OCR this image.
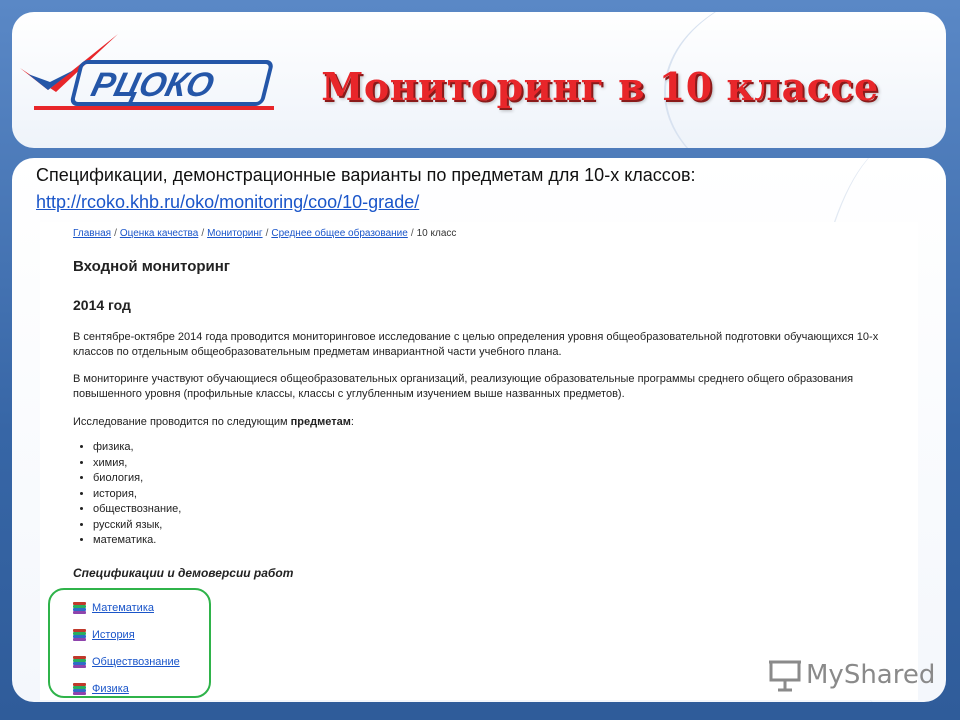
РЦОКО	Мониторинг в 10 классе
Спецификации, демонстрационные варианты по предметам для 10-х классов:
http://rcoko.khb.ru/oko/monitoring/coo/10-grade/
Главная / Оценка качества / Мониторинг / Среднее общее образование / 10 класс
Входной мониторинг
2014 год

В сентябре-октябре 2014 года проводится мониторинговое исследование с целью определения уровня общеобразовательной подготовки обучающихся 10-х классов по отдельным общеобразовательным предметам инвариантной части учебного плана.

В мониторинге участвуют обучающиеся общеобразовательных организаций, реализующие образовательные программы среднего общего образования повышенного уровня (профильные классы, классы с углубленным изучением выше названных предметов).

Исследование проводится по следующим предметам:

• физика,
• химия,
• биология,
• история,
• обществознание,
• русский язык,
• математика.
Спецификации и демоверсии работ
Математика
История
Обществознание
Физика	MyShared
